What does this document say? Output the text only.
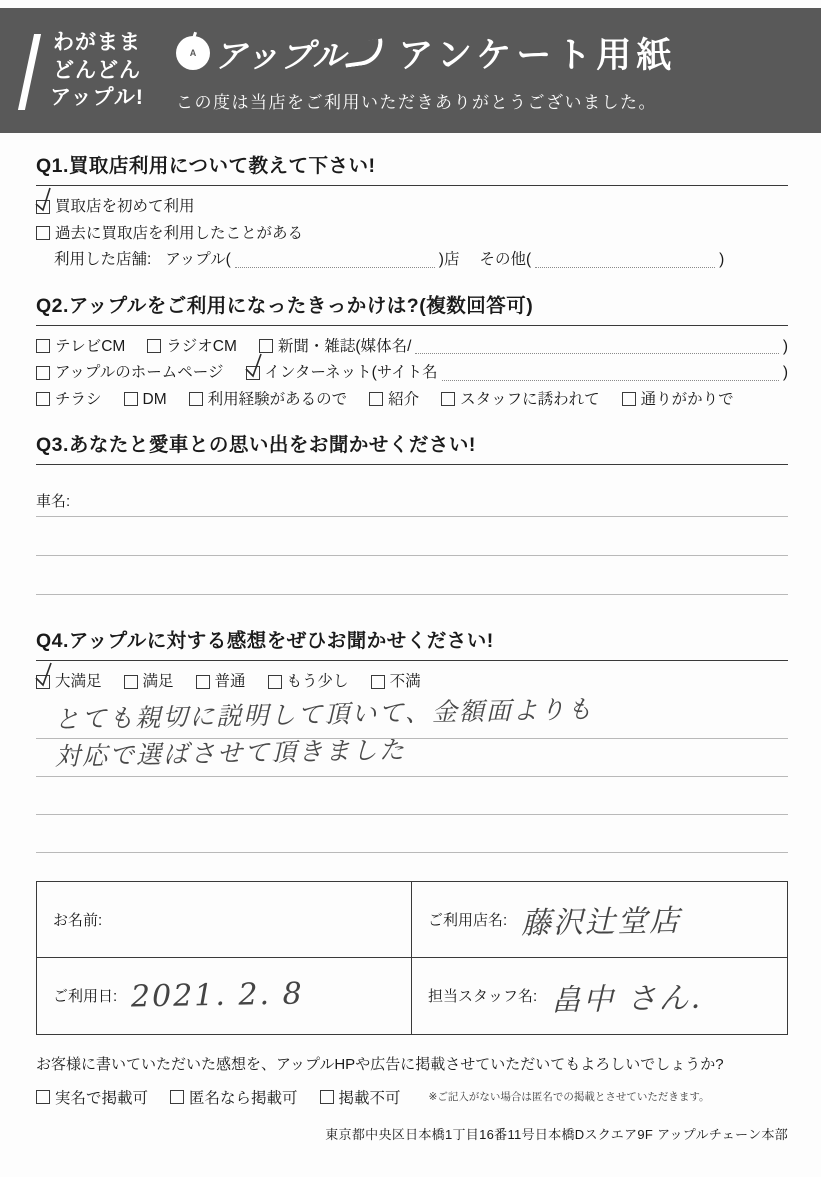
わがまま
どんどん
アップル!
A アップル アンケート用紙
この度は当店をご利用いただきありがとうございました。
Q1.買取店利用について教えて下さい!
買取店を初めて利用
過去に買取店を利用したことがある
利用した店舗: アップル(	)店 その他(	)
Q2.アップルをご利用になったきっかけは?(複数回答可)
テレビCM	ラジオCM	新聞・雑誌(媒体名/	)
アップルのホームページ	インターネット(サイト名	)
チラシ	DM	利用経験があるので	紹介	スタッフに誘われて	通りがかりで
Q3.あなたと愛車との思い出をお聞かせください!
車名:
Q4.アップルに対する感想をぜひお聞かせください!
大満足	満足	普通	もう少し	不満
とても親切に説明して頂いて、金額面よりも
対応で選ばさせて頂きました
お名前:	ご利用店名: 藤沢辻堂店
ご利用日: 2021. 2. 8	担当スタッフ名: 畠中 さん.
お客様に書いていただいた感想を、アップルHPや広告に掲載させていただいてもよろしいでしょうか?
実名で掲載可	匿名なら掲載可	掲載不可	※ご記入がない場合は匿名での掲載とさせていただきます。
東京都中央区日本橋1丁目16番11号日本橋Dスクエア9F アップルチェーン本部
